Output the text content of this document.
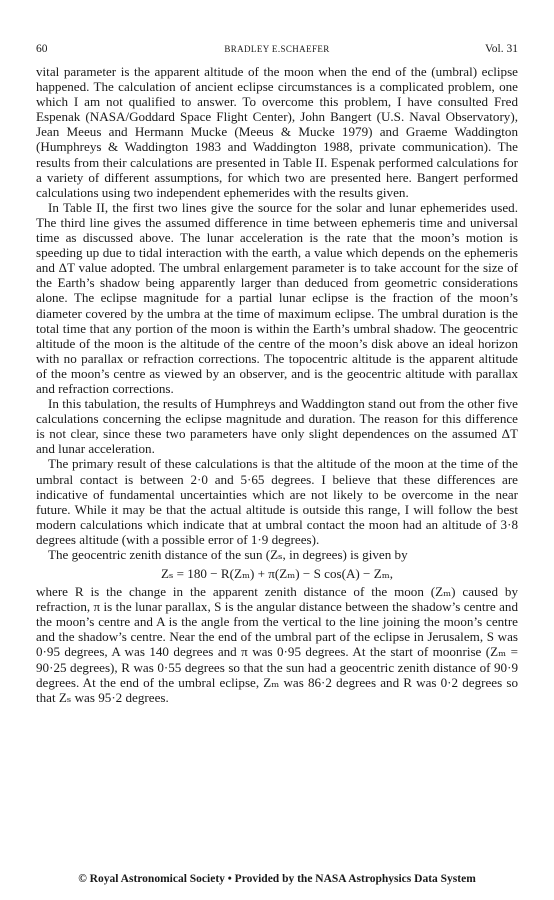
60	BRADLEY E.SCHAEFER	Vol. 31

vital parameter is the apparent altitude of the moon when the end of the (umbral) eclipse happened. The calculation of ancient eclipse circumstances is a complicated problem, one which I am not qualified to answer. To overcome this problem, I have consulted Fred Espenak (NASA/Goddard Space Flight Center), John Bangert (U.S. Naval Observatory), Jean Meeus and Hermann Mucke (Meeus & Mucke 1979) and Graeme Waddington (Humphreys & Waddington 1983 and Waddington 1988, private communication). The results from their calculations are presented in Table II. Espenak performed calculations for a variety of different assumptions, for which two are presented here. Bangert performed calculations using two independent ephemerides with the results given.

In Table II, the first two lines give the source for the solar and lunar ephemerides used. The third line gives the assumed difference in time between ephemeris time and universal time as discussed above. The lunar acceleration is the rate that the moon’s motion is speeding up due to tidal interaction with the earth, a value which depends on the ephemeris and ΔT value adopted. The umbral enlargement parameter is to take account for the size of the Earth’s shadow being apparently larger than deduced from geometric considerations alone. The eclipse magnitude for a partial lunar eclipse is the fraction of the moon’s diameter covered by the umbra at the time of maximum eclipse. The umbral duration is the total time that any portion of the moon is within the Earth’s umbral shadow. The geocentric altitude of the moon is the altitude of the centre of the moon’s disk above an ideal horizon with no parallax or refraction corrections. The topocentric altitude is the apparent altitude of the moon’s centre as viewed by an observer, and is the geocentric altitude with parallax and refraction corrections.

In this tabulation, the results of Humphreys and Waddington stand out from the other five calculations concerning the eclipse magnitude and duration. The reason for this difference is not clear, since these two parameters have only slight dependences on the assumed ΔT and lunar acceleration.

The primary result of these calculations is that the altitude of the moon at the time of the umbral contact is between 2·0 and 5·65 degrees. I believe that these differences are indicative of fundamental uncertainties which are not likely to be overcome in the near future. While it may be that the actual altitude is outside this range, I will follow the best modern calculations which indicate that at umbral contact the moon had an altitude of 3·8 degrees altitude (with a possible error of 1·9 degrees).

The geocentric zenith distance of the sun (Zₛ, in degrees) is given by

Zₛ = 180 − R(Zₘ) + π(Zₘ) − S cos(A) − Zₘ,

where R is the change in the apparent zenith distance of the moon (Zₘ) caused by refraction, π is the lunar parallax, S is the angular distance between the shadow’s centre and the moon’s centre and A is the angle from the vertical to the line joining the moon’s centre and the shadow’s centre. Near the end of the umbral part of the eclipse in Jerusalem, S was 0·95 degrees, A was 140 degrees and π was 0·95 degrees. At the start of moonrise (Zₘ = 90·25 degrees), R was 0·55 degrees so that the sun had a geocentric zenith distance of 90·9 degrees. At the end of the umbral eclipse, Zₘ was 86·2 degrees and R was 0·2 degrees so that Zₛ was 95·2 degrees.

© Royal Astronomical Society • Provided by the NASA Astrophysics Data System
